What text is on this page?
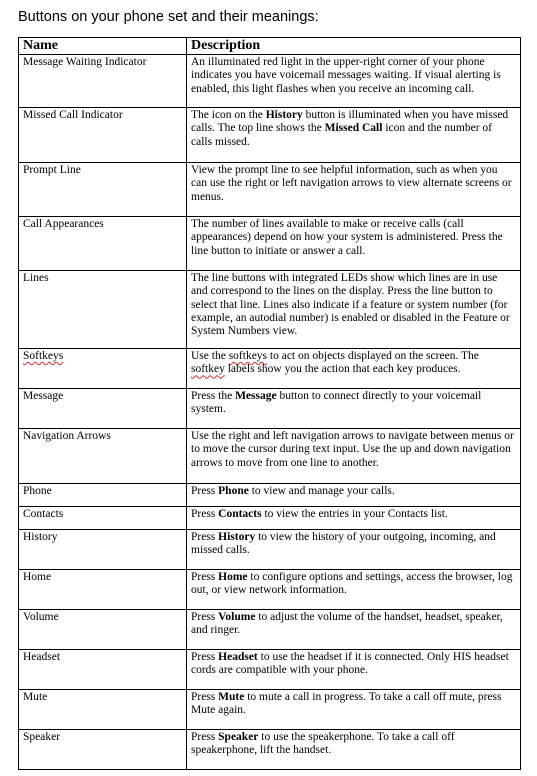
Buttons on your phone set and their meanings:
Name	Description
Message Waiting Indicator	An illuminated red light in the upper-right corner of your phone indicates you have voicemail messages waiting. If visual alerting is enabled, this light flashes when you receive an incoming call.
Missed Call Indicator	The icon on the History button is illuminated when you have missed calls. The top line shows the Missed Call icon and the number of calls missed.
Prompt Line	View the prompt line to see helpful information, such as when you can use the right or left navigation arrows to view alternate screens or menus.
Call Appearances	The number of lines available to make or receive calls (call appearances) depend on how your system is administered. Press the line button to initiate or answer a call.
Lines	The line buttons with integrated LEDs show which lines are in use and correspond to the lines on the display. Press the line button to select that line. Lines also indicate if a feature or system number (for example, an autodial number) is enabled or disabled in the Feature or System Numbers view.
Softkeys	Use the softkeys to act on objects displayed on the screen. The softkey labels show you the action that each key produces.
Message	Press the Message button to connect directly to your voicemail system.
Navigation Arrows	Use the right and left navigation arrows to navigate between menus or to move the cursor during text input. Use the up and down navigation arrows to move from one line to another.
Phone	Press Phone to view and manage your calls.
Contacts	Press Contacts to view the entries in your Contacts list.
History	Press History to view the history of your outgoing, incoming, and missed calls.
Home	Press Home to configure options and settings, access the browser, log out, or view network information.
Volume	Press Volume to adjust the volume of the handset, headset, speaker, and ringer.
Headset	Press Headset to use the headset if it is connected. Only HIS headset cords are compatible with your phone.
Mute	Press Mute to mute a call in progress. To take a call off mute, press Mute again.
Speaker	Press Speaker to use the speakerphone. To take a call off speakerphone, lift the handset.
